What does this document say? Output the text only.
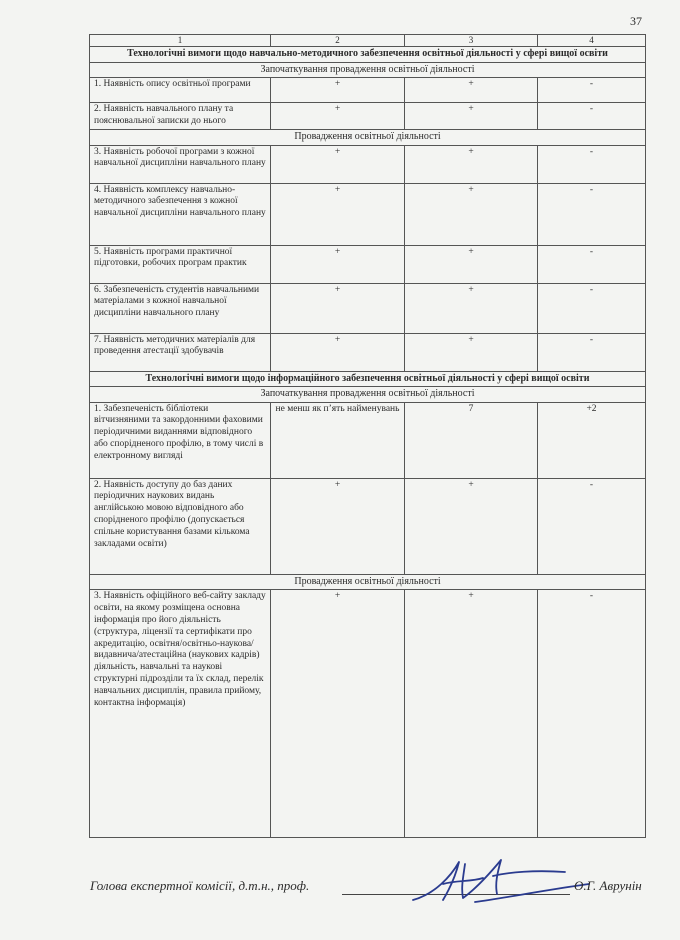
37
1	2	3	4
Технологічні вимоги щодо навчально-методичного забезпечення освітньої діяльності у сфері вищої освіти			
Започаткування провадження освітньої діяльності			
1. Наявність опису освітньої програми	+	+	-
2. Наявність навчального плану та пояснювальної записки до нього	+	+	-
Провадження освітньої діяльності			
3. Наявність робочої програми з кожної навчальної дисципліни навчального плану	+	+	-
4. Наявність комплексу навчально-методичного забезпечення з кожної навчальної дисципліни навчального плану	+	+	-
5. Наявність програми практичної підготовки, робочих програм практик	+	+	-
6. Забезпеченість студентів навчальними матеріалами з кожної навчальної дисципліни навчального плану	+	+	-
7. Наявність методичних матеріалів для проведення атестації здобувачів	+	+	-
Технологічні вимоги щодо інформаційного забезпечення освітньої діяльності у сфері вищої освіти			
Започаткування провадження освітньої діяльності			
1. Забезпеченість бібліотеки вітчизняними та закордонними фаховими періодичними виданнями відповідного або спорідненого профілю, в тому числі в електронному вигляді	не менш як п’ять найменувань	7	+2
2. Наявність доступу до баз даних періодичних наукових видань англійською мовою відповідного або спорідненого профілю (допускається спільне користування базами кількома закладами освіти)	+	+	-
Провадження освітньої діяльності			
3. Наявність офіційного веб-сайту закладу освіти, на якому розміщена основна інформація про його діяльність (структура, ліцензії та сертифікати про акредитацію, освітня/освітньо-наукова/ видавнича/атестаційна (наукових кадрів) діяльність, навчальні та наукові структурні підрозділи та їх склад, перелік навчальних дисциплін, правила прийому, контактна інформація)	+	+	-
Голова експертної комісії, д.т.н., проф.	О.Г. Аврунін
